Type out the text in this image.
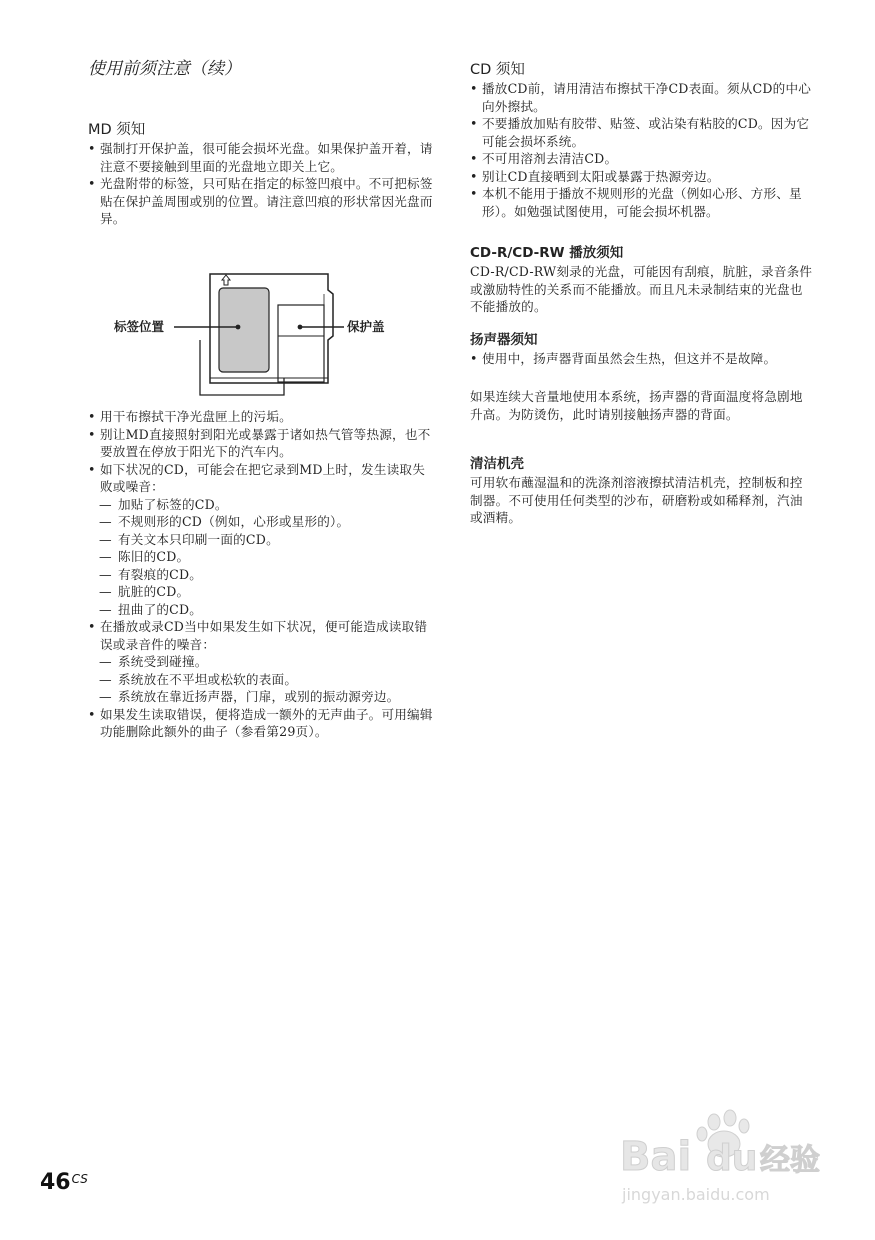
使用前须注意（续）
MD 须知
• 强制打开保护盖，很可能会损坏光盘。如果保护盖开着，请注意不要接触到里面的光盘地立即关上它。
• 光盘附带的标签，只可贴在指定的标签凹痕中。不可把标签贴在保护盖周围或别的位置。请注意凹痕的形状常因光盘而异。
标签位置	保护盖
• 用干布擦拭干净光盘匣上的污垢。
• 别让MD直接照射到阳光或暴露于诸如热气管等热源，也不要放置在停放于阳光下的汽车内。
• 如下状况的CD，可能会在把它录到MD上时，发生读取失败或噪音：
— 加贴了标签的CD。
— 不规则形的CD（例如，心形或星形的）。
— 有关文本只印刷一面的CD。
— 陈旧的CD。
— 有裂痕的CD。
— 肮脏的CD。
— 扭曲了的CD。
• 在播放或录CD当中如果发生如下状况，便可能造成读取错误或录音件的噪音：
— 系统受到碰撞。
— 系统放在不平坦或松软的表面。
— 系统放在靠近扬声器，门扉，或别的振动源旁边。
• 如果发生读取错误，便将造成一额外的无声曲子。可用编辑功能删除此额外的曲子（参看第29页）。
CD 须知
• 播放CD前，请用清洁布擦拭干净CD表面。须从CD的中心向外擦拭。
• 不要播放加贴有胶带、贴签、或沾染有粘胶的CD。因为它可能会损坏系统。
• 不可用溶剂去清洁CD。
• 别让CD直接晒到太阳或暴露于热源旁边。
• 本机不能用于播放不规则形的光盘（例如心形、方形、星形）。如勉强试图使用，可能会损坏机器。
CD-R/CD-RW 播放须知

CD-R/CD-RW刻录的光盘，可能因有刮痕，肮脏，录音条件或激励特性的关系而不能播放。而且凡未录制结束的光盘也不能播放的。

扬声器须知
• 使用中，扬声器背面虽然会生热，但这并不是故障。

如果连续大音量地使用本系统，扬声器的背面温度将急剧地升高。为防烫伤，此时请别接触扬声器的背面。

清洁机壳

可用软布蘸湿温和的洗涤剂溶液擦拭清洁机壳，控制板和控制器。不可使用任何类型的沙布，研磨粉或如稀释剂，汽油或酒精。

$46^{CS}$	Bai du 经验
jingyan.baidu.com
